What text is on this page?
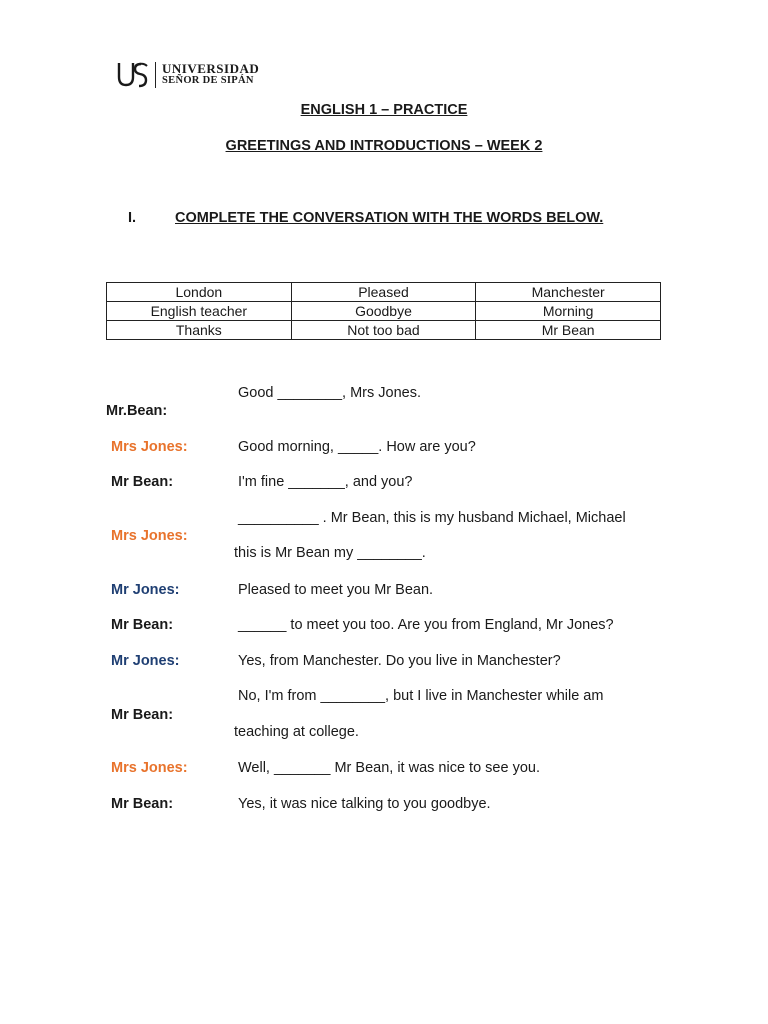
UNIVERSIDAD
SEÑOR DE SIPÁN
ENGLISH 1 – PRACTICE
GREETINGS AND INTRODUCTIONS – WEEK 2
I.	COMPLETE THE CONVERSATION WITH THE WORDS BELOW.
London	Pleased	Manchester
English teacher	Goodbye	Morning
Thanks	Not too bad	Mr Bean
Mr.Bean:
Good ________, Mrs Jones.
Mrs Jones:	Good morning, _____. How are you?
Mr Bean:	I'm fine _______, and you?
Mrs Jones:
__________ . Mr Bean, this is my husband Michael, Michael
this is Mr Bean my ________.
Mr Jones:	Pleased to meet you Mr Bean.
Mr Bean:	______ to meet you too. Are you from England, Mr Jones?
Mr Jones:	Yes, from Manchester. Do you live in Manchester?
Mr Bean:
No, I'm from ________, but I live in Manchester while am
teaching at college.
Mrs Jones:	Well, _______ Mr Bean, it was nice to see you.
Mr Bean:	Yes, it was nice talking to you goodbye.
